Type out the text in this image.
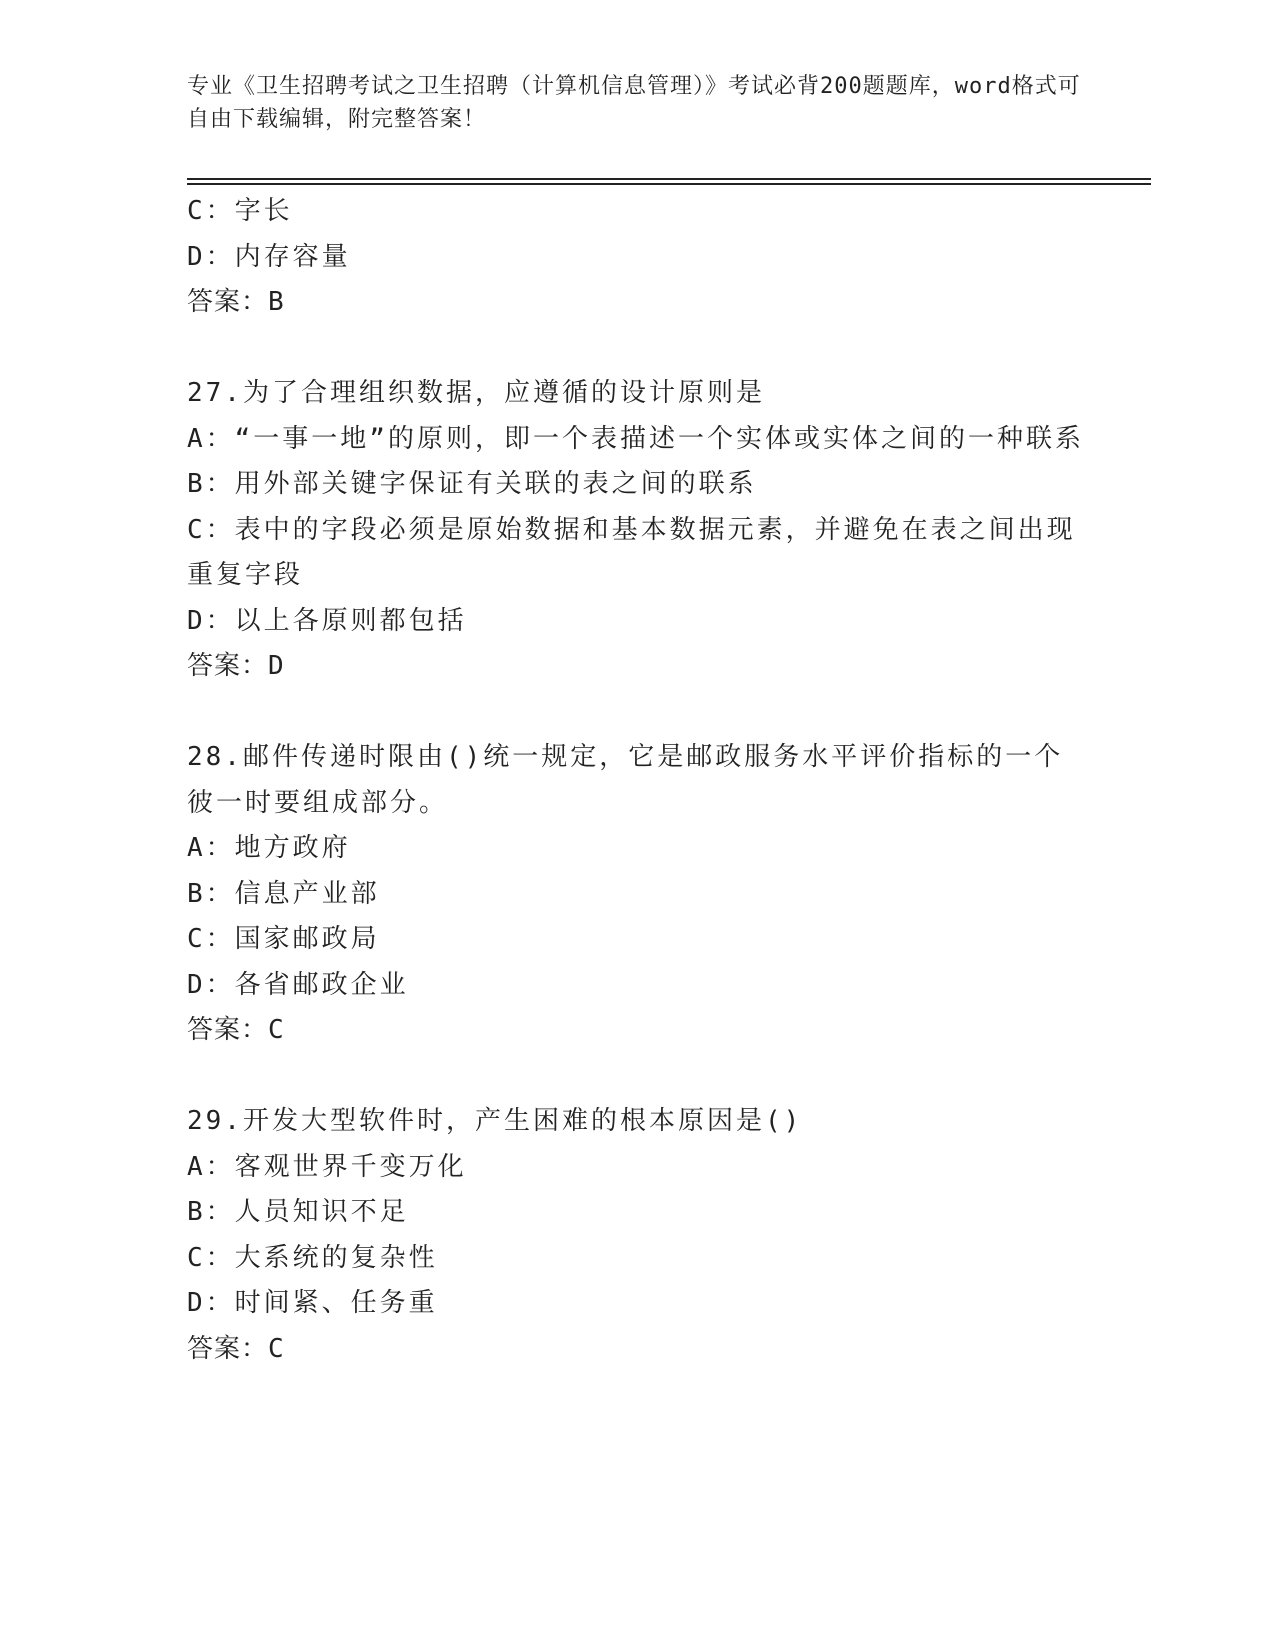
专业《卫生招聘考试之卫生招聘（计算机信息管理）》考试必背200题题库，word格式可自由下载编辑，附完整答案！
C：字长
D：内存容量
答案：B
27.为了合理组织数据，应遵循的设计原则是
A：“一事一地”的原则，即一个表描述一个实体或实体之间的一种联系
B：用外部关键字保证有关联的表之间的联系
C：表中的字段必须是原始数据和基本数据元素，并避免在表之间出现重复字段
D：以上各原则都包括
答案：D
28.邮件传递时限由()统一规定，它是邮政服务水平评价指标的一个彼一时要组成部分。
A：地方政府
B：信息产业部
C：国家邮政局
D：各省邮政企业
答案：C
29.开发大型软件时，产生困难的根本原因是()
A：客观世界千变万化
B：人员知识不足
C：大系统的复杂性
D：时间紧、任务重
答案：C
